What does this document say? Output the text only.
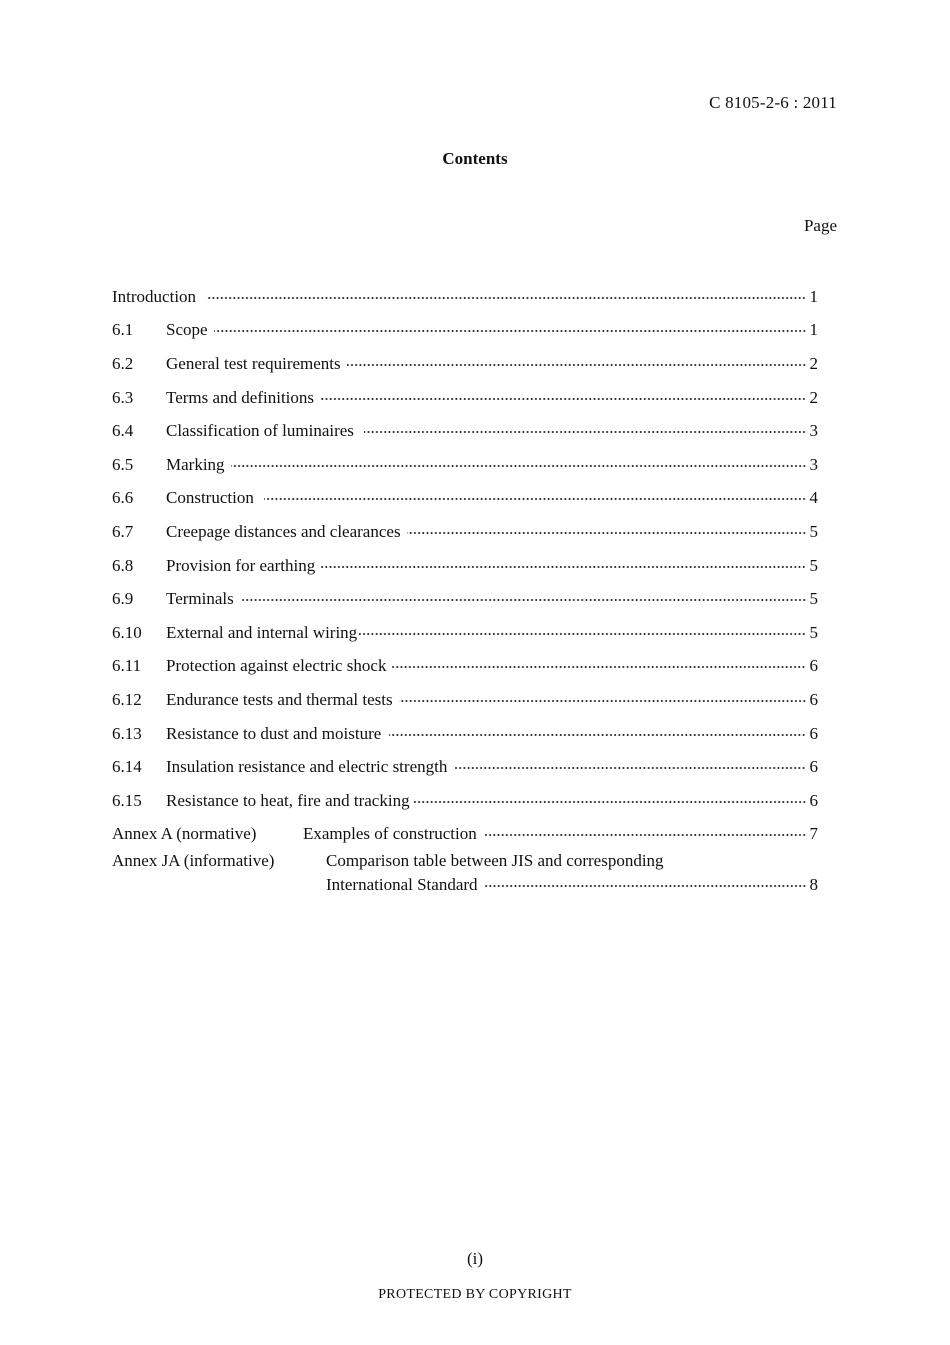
C 8105-2-6 : 2011
Contents
Page
Introduction	1
6.1	Scope	1
6.2	General test requirements	2
6.3	Terms and definitions	2
6.4	Classification of luminaires	3
6.5	Marking	3
6.6	Construction	4
6.7	Creepage distances and clearances	5
6.8	Provision for earthing	5
6.9	Terminals	5
6.10	External and internal wiring	5
6.11	Protection against electric shock	6
6.12	Endurance tests and thermal tests	6
6.13	Resistance to dust and moisture	6
6.14	Insulation resistance and electric strength	6
6.15	Resistance to heat, fire and tracking	6
Annex A (normative)	Examples of construction	7
Annex JA (informative)	Comparison table between JIS and corresponding
International Standard	8
(i)
PROTECTED BY COPYRIGHT
